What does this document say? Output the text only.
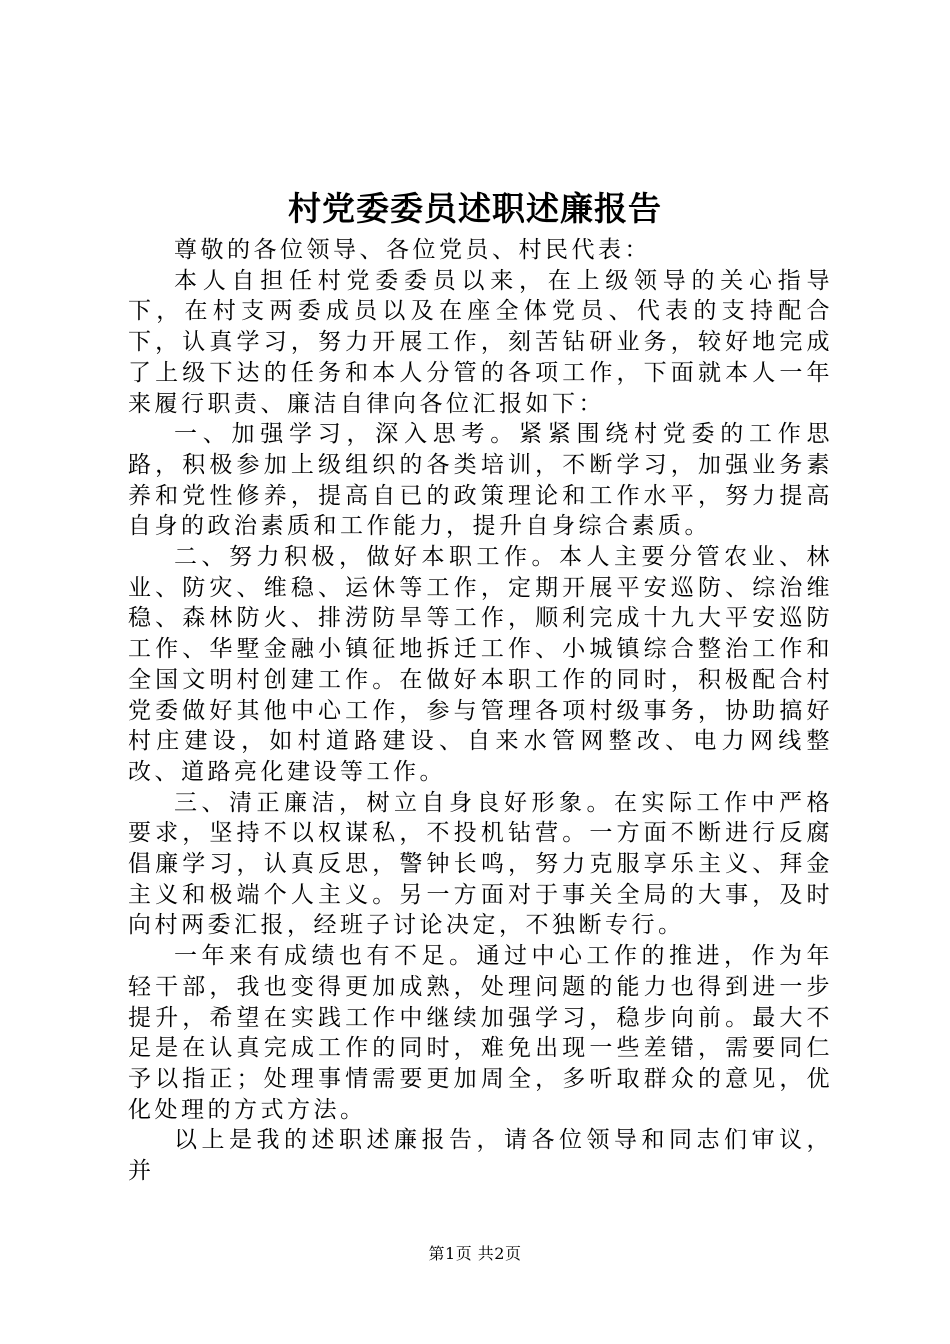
村党委委员述职述廉报告

尊敬的各位领导、各位党员、村民代表：

本人自担任村党委委员以来，在上级领导的关心指导下，在村支两委成员以及在座全体党员、代表的支持配合下，认真学习，努力开展工作，刻苦钻研业务，较好地完成了上级下达的任务和本人分管的各项工作，下面就本人一年来履行职责、廉洁自律向各位汇报如下：

一、加强学习，深入思考。紧紧围绕村党委的工作思路，积极参加上级组织的各类培训，不断学习，加强业务素养和党性修养，提高自已的政策理论和工作水平，努力提高自身的政治素质和工作能力，提升自身综合素质。

二、努力积极，做好本职工作。本人主要分管农业、林业、防灾、维稳、运休等工作，定期开展平安巡防、综治维稳、森林防火、排涝防旱等工作，顺利完成十九大平安巡防工作、华墅金融小镇征地拆迁工作、小城镇综合整治工作和全国文明村创建工作。在做好本职工作的同时，积极配合村党委做好其他中心工作，参与管理各项村级事务，协助搞好村庄建设，如村道路建设、自来水管网整改、电力网线整改、道路亮化建设等工作。

三、清正廉洁，树立自身良好形象。在实际工作中严格要求，坚持不以权谋私，不投机钻营。一方面不断进行反腐倡廉学习，认真反思，警钟长鸣，努力克服享乐主义、拜金主义和极端个人主义。另一方面对于事关全局的大事，及时向村两委汇报，经班子讨论决定，不独断专行。

一年来有成绩也有不足。通过中心工作的推进，作为年轻干部，我也变得更加成熟，处理问题的能力也得到进一步提升，希望在实践工作中继续加强学习，稳步向前。最大不足是在认真完成工作的同时，难免出现一些差错，需要同仁予以指正；处理事情需要更加周全，多听取群众的意见，优化处理的方式方法。

以上是我的述职述廉报告，请各位领导和同志们审议，并

第1页 共2页
